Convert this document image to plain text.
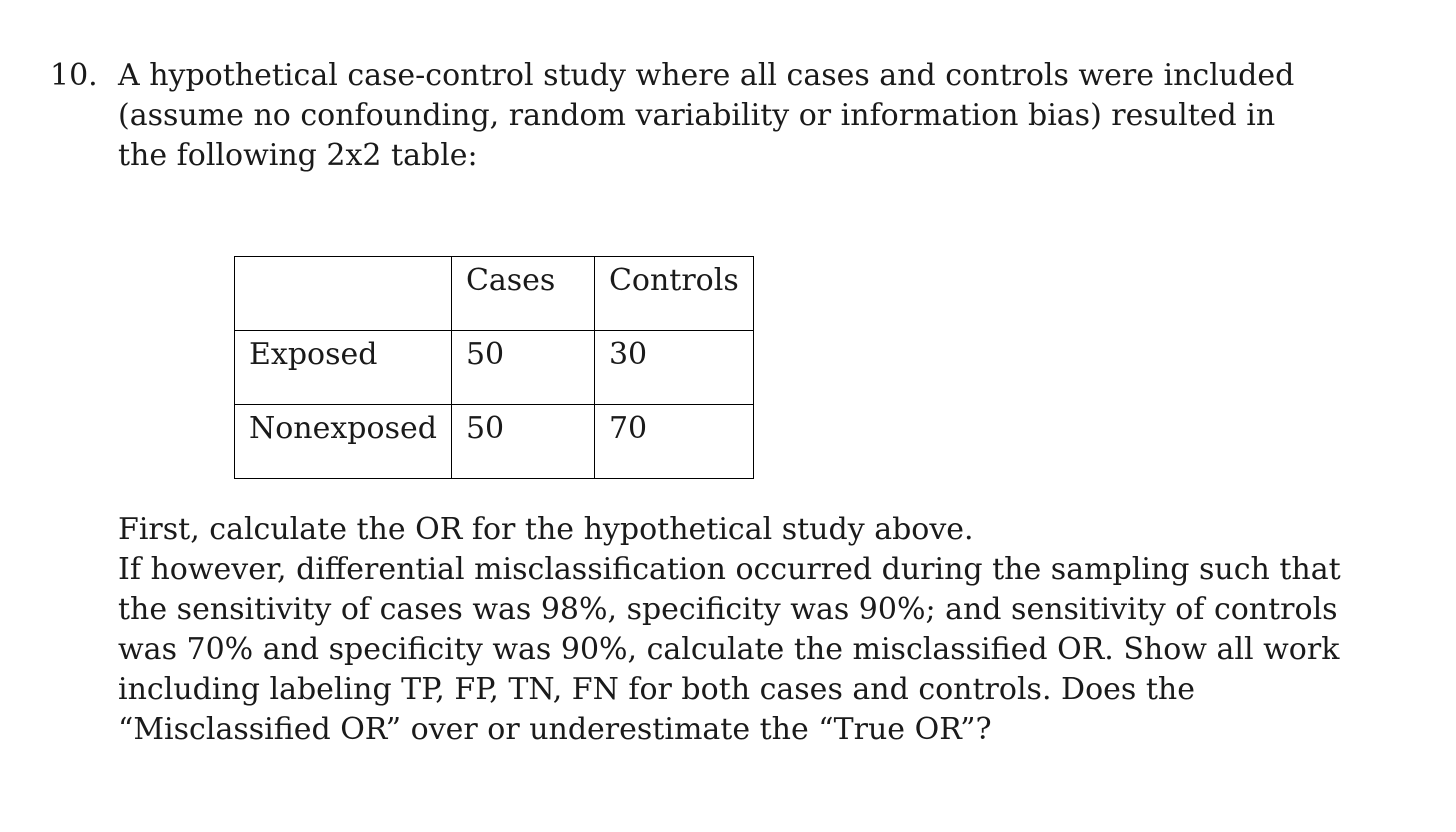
10. A hypothetical case-control study where all cases and controls were included (assume no confounding, random variability or information bias) resulted in the following 2x2 table:
	Cases	Controls
Exposed	50	30
Nonexposed	50	70

First, calculate the OR for the hypothetical study above.

If however, differential misclassification occurred during the sampling such that the sensitivity of cases was 98%, specificity was 90%; and sensitivity of controls was 70% and specificity was 90%, calculate the misclassified OR. Show all work including labeling TP, FP, TN, FN for both cases and controls. Does the “Misclassified OR” over or underestimate the “True OR”?
